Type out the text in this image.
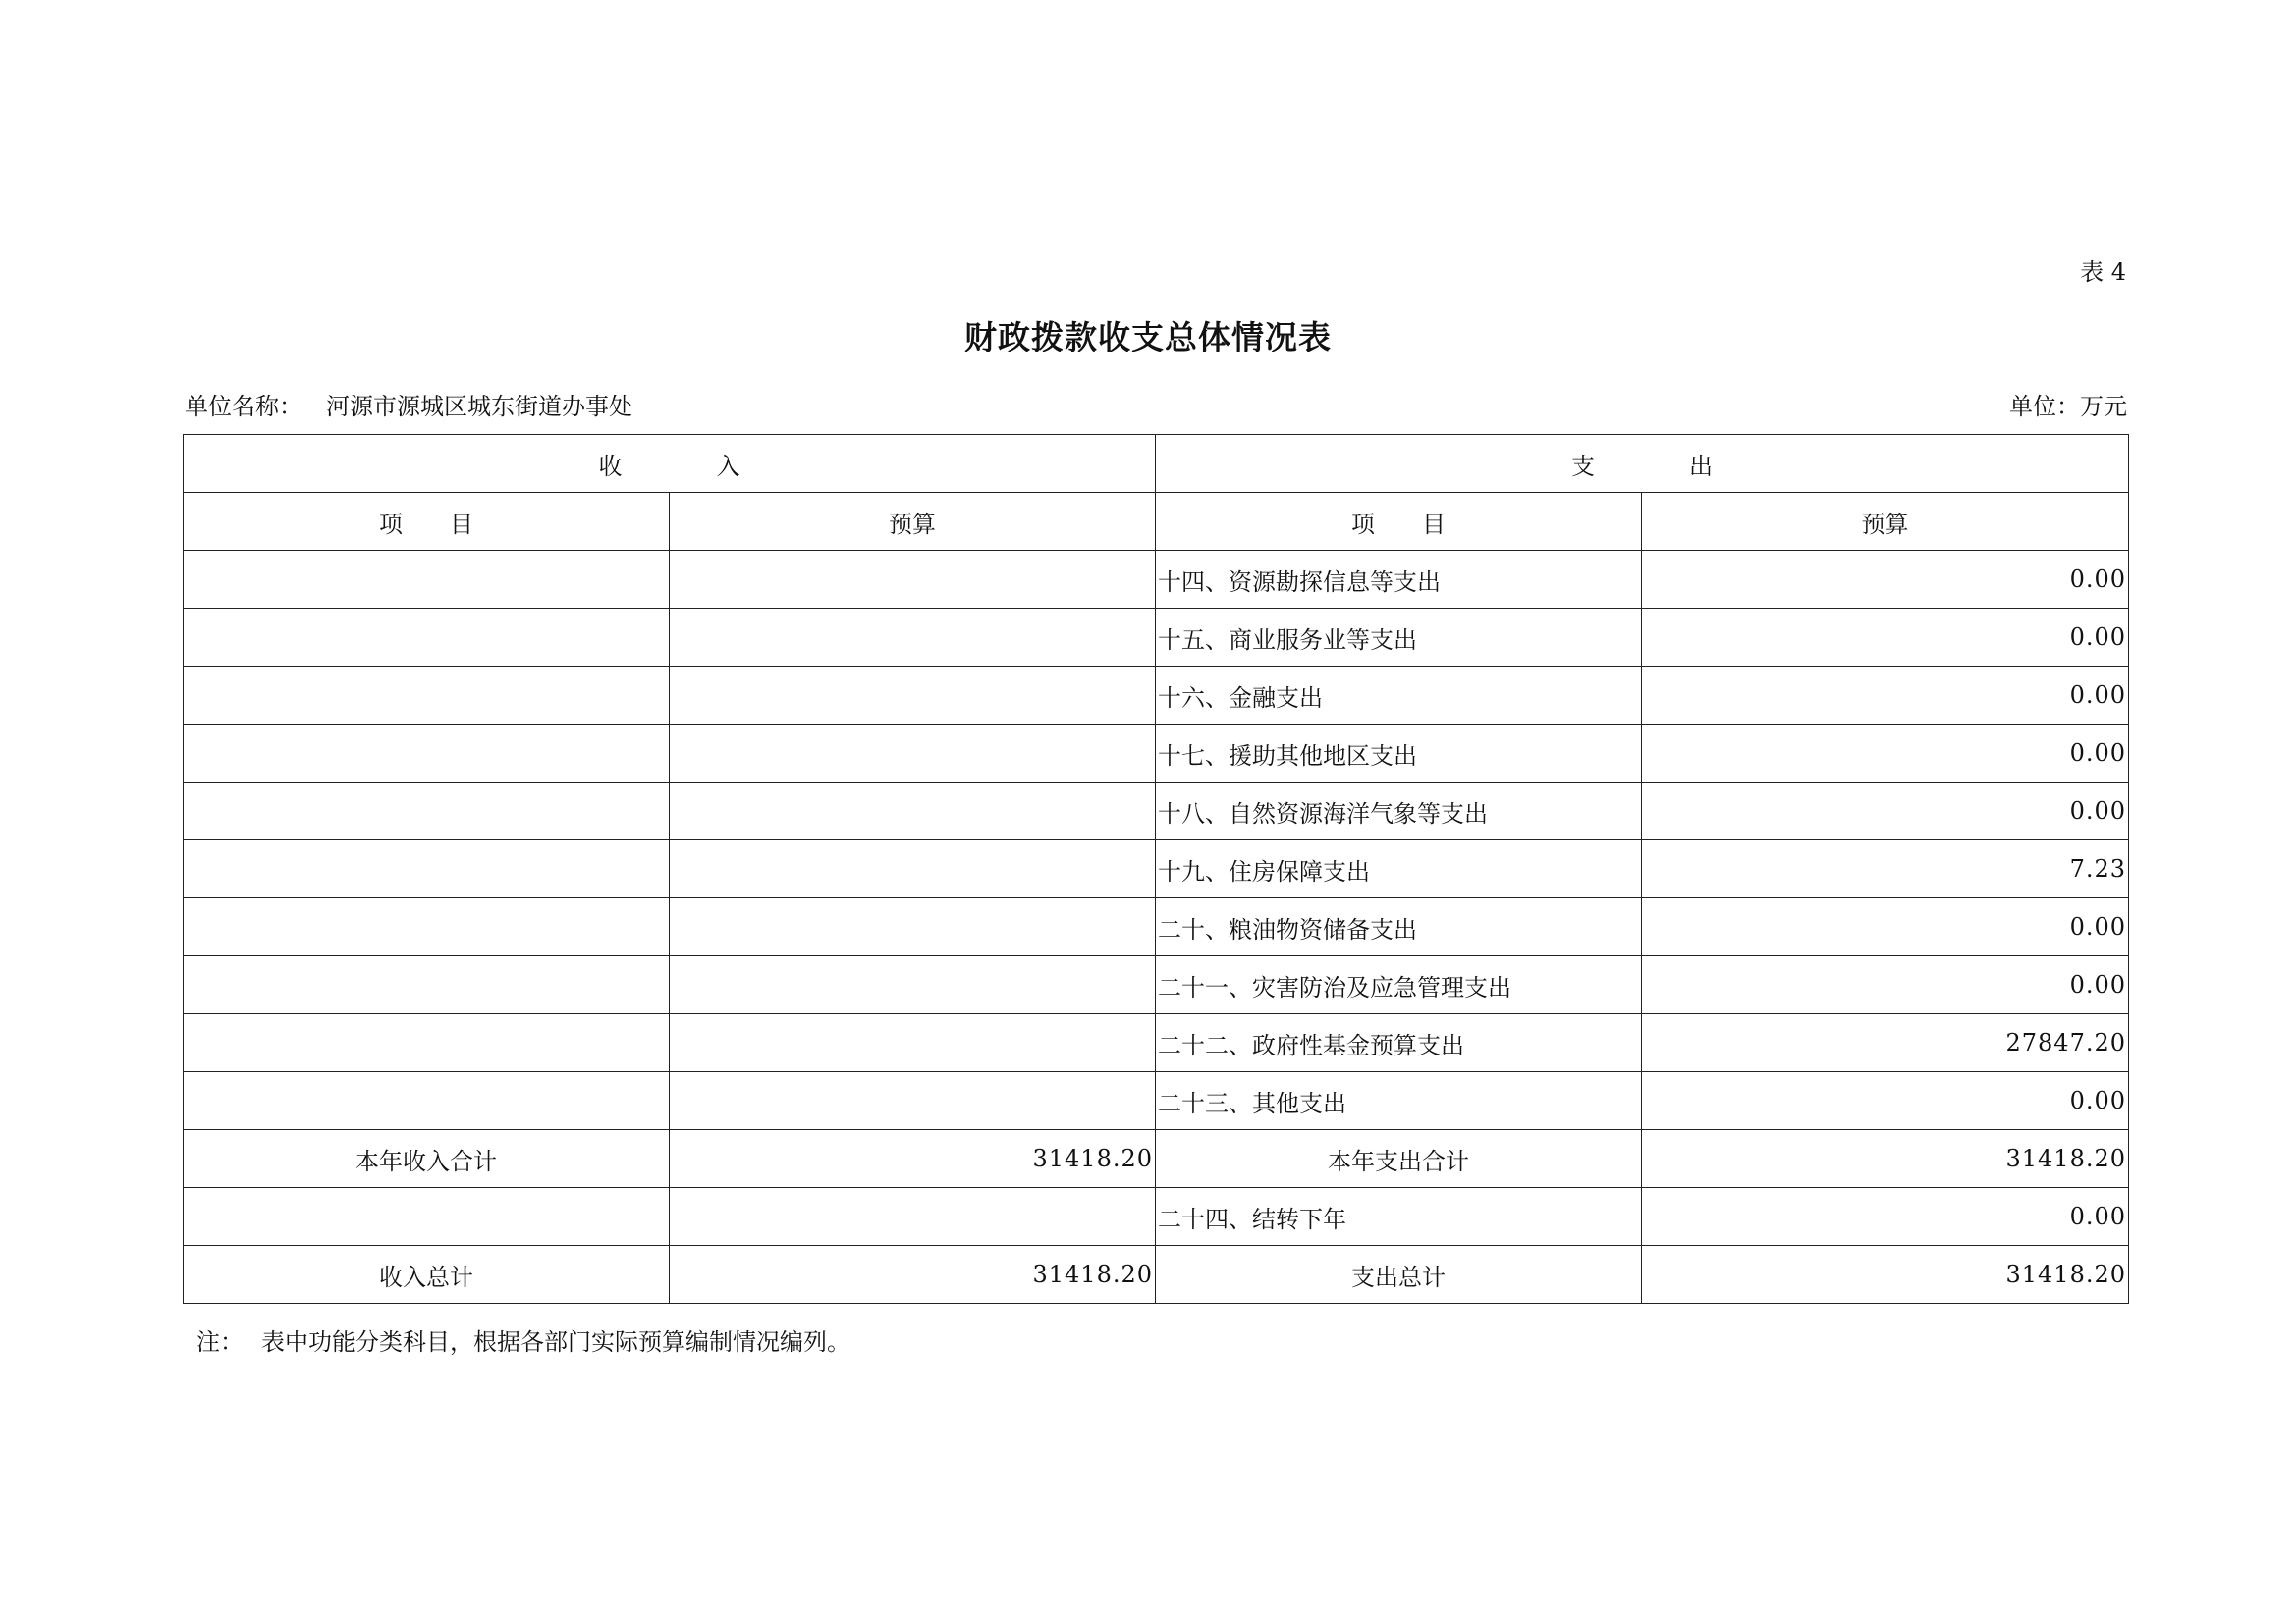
表 4
财政拨款收支总体情况表
单位名称： 河源市源城区城东街道办事处	单位：万元
收　　　　入		支　　　　出	
项　　目	预算	项　　目	预算
		十四、资源勘探信息等支出	0.00
		十五、商业服务业等支出	0.00
		十六、金融支出	0.00
		十七、援助其他地区支出	0.00
		十八、自然资源海洋气象等支出	0.00
		十九、住房保障支出	7.23
		二十、粮油物资储备支出	0.00
		二十一、灾害防治及应急管理支出	0.00
		二十二、政府性基金预算支出	27847.20
		二十三、其他支出	0.00
本年收入合计	31418.20	本年支出合计	31418.20
		二十四、结转下年	0.00
收入总计	31418.20	支出总计	31418.20
注： 表中功能分类科目，根据各部门实际预算编制情况编列。
